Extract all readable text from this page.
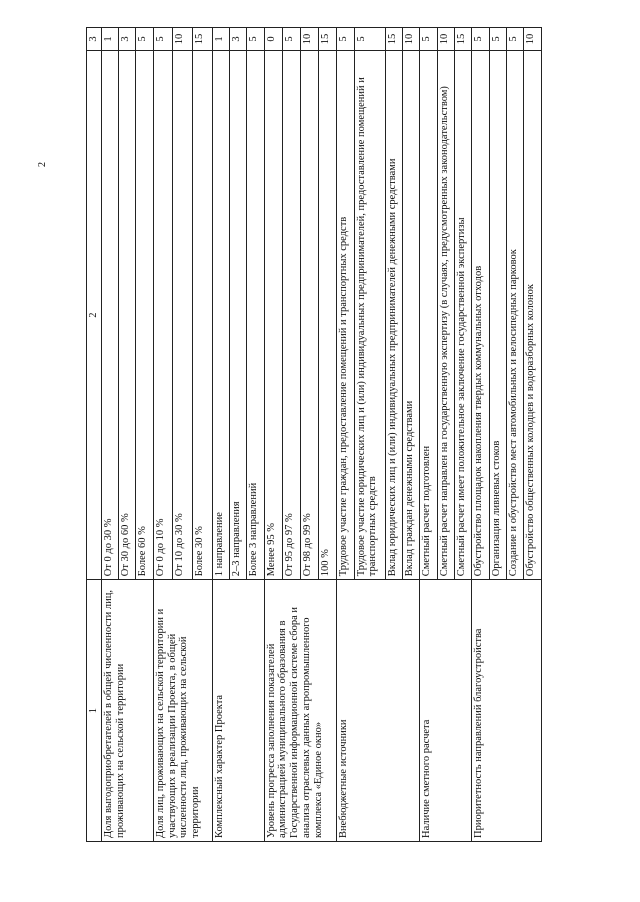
2
1	2	3
Доля выгодоприобретателей в общей численности лиц, проживающих на сельской территории	От 0 до 30 %	1
	От 30 до 60 %	3
	Более 60 %	5
Доля лиц, проживающих на сельской территории и участвующих в реализации Проекта, в общей численности лиц, проживающих на сельской территории	От 0 до 10 %	5
	От 10 до 30 %	10
	Более 30 %	15
Комплексный характер Проекта	1 направление	1
	2–3 направления	3
	Более 3 направлений	5
Уровень прогресса заполнения показателей администрацией муниципального образования в Государственной информационной системе сбора и анализа отраслевых данных агропромышленного комплекса «Единое окно»	Менее 95 %	0
	От 95 до 97 %	5
	От 98 до 99 %	10
	100 %	15
Внебюджетные источники	Трудовое участие граждан, предоставление помещений и транспортных средств	5
	Трудовое участие юридических лиц и (или) индивидуальных предпринимателей, предоставление помещений и транспортных средств	5
	Вклад юридических лиц и (или) индивидуальных предпринимателей денежными средствами	15
	Вклад граждан денежными средствами	10
Наличие сметного расчета	Сметный расчет подготовлен	5
	Сметный расчет направлен на государственную экспертизу (в случаях, предусмотренных законодательством)	10
	Сметный расчет имеет положительное заключение государственной экспертизы	15
Приоритетность направлений благоустройства	Обустройство площадок накопления твердых коммунальных отходов	5
	Организация ливневых стоков	5
	Создание и обустройство мест автомобильных и велосипедных парковок	5
	Обустройство общественных колодцев и водоразборных колонок	10
